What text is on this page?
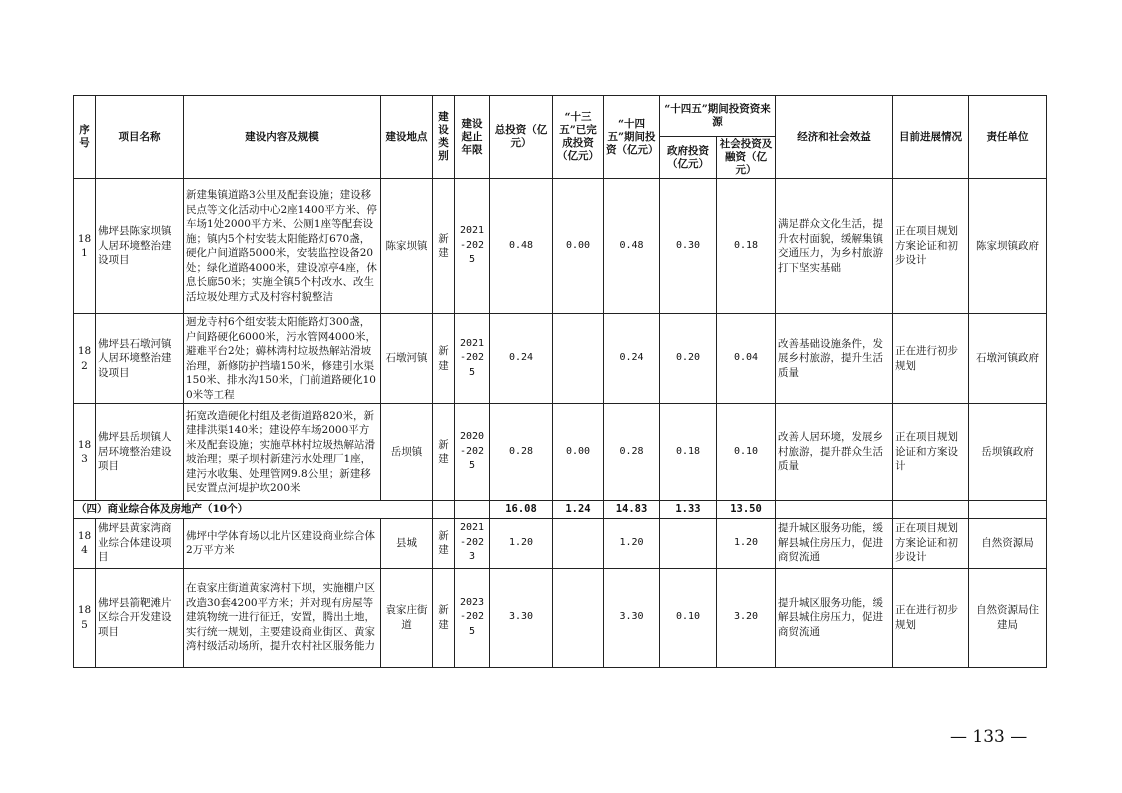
序号	项目名称	建设内容及规模	建设地点	建设类别	建设起止年限	总投资（亿元）	“十三五”已完成投资（亿元）	“十四五”期间投资（亿元）	“十四五”期间投资资来源		经济和社会效益	目前进展情况	责任单位
									政府投资（亿元）	社会投资及融资（亿元）			
181	佛坪县陈家坝镇人居环境整治建设项目	新建集镇道路3公里及配套设施；建设移民点等文化活动中心2座1400平方米、停车场1处2000平方米、公厕1座等配套设施；镇内5个村安装太阳能路灯670盏，硬化户间道路5000米，安装监控设备20处；绿化道路4000米，建设凉亭4座，休息长廊50米；实施全镇5个村改水、改生活垃圾处理方式及村容村貌整洁	陈家坝镇	新建	2021-2025	0.48	0.00	0.48	0.30	0.18	满足群众文化生活，提升农村面貌，缓解集镇交通压力，为乡村旅游打下坚实基础	正在项目规划方案论证和初步设计	陈家坝镇政府
182	佛坪县石墩河镇人居环境整治建设项目	迴龙寺村6个组安装太阳能路灯300盏，户间路硬化6000米，污水管网4000米，避难平台2处；薅林湾村垃圾热解站滑坡治理，新修防护挡墙150米，修建引水渠150米、排水沟150米，门前道路硬化100米等工程	石墩河镇	新建	2021-2025	0.24		0.24	0.20	0.04	改善基础设施条件，发展乡村旅游，提升生活质量	正在进行初步规划	石墩河镇政府
183	佛坪县岳坝镇人居环境整治建设项目	拓宽改造硬化村组及老街道路820米，新建排洪渠140米；建设停车场2000平方米及配套设施；实施草林村垃圾热解站滑坡治理；栗子坝村新建污水处理厂1座，建污水收集、处理管网9.8公里；新建移民安置点河堤护坎200米	岳坝镇	新建	2020-2025	0.28	0.00	0.28	0.18	0.10	改善人居环境，发展乡村旅游，提升群众生活质量	正在项目规划论证和方案设计	岳坝镇政府
（四）商业综合体及房地产（10个）						16.08	1.24	14.83	1.33	13.50			
184	佛坪县黄家湾商业综合体建设项目	佛坪中学体育场以北片区建设商业综合体2万平方米	县城	新建	2021-2023	1.20		1.20		1.20	提升城区服务功能，缓解县城住房压力，促进商贸流通	正在项目规划方案论证和初步设计	自然资源局
185	佛坪县箭靶滩片区综合开发建设项目	在袁家庄街道黄家湾村下坝，实施棚户区改造30套4200平方米；并对现有房屋等建筑物统一进行征迁，安置，腾出土地，实行统一规划，主要建设商业街区、黄家湾村级活动场所，提升农村社区服务能力	袁家庄街道	新建	2023-2025	3.30		3.30	0.10	3.20	提升城区服务功能，缓解县城住房压力，促进商贸流通	正在进行初步规划	自然资源局住建局
— 133 —
